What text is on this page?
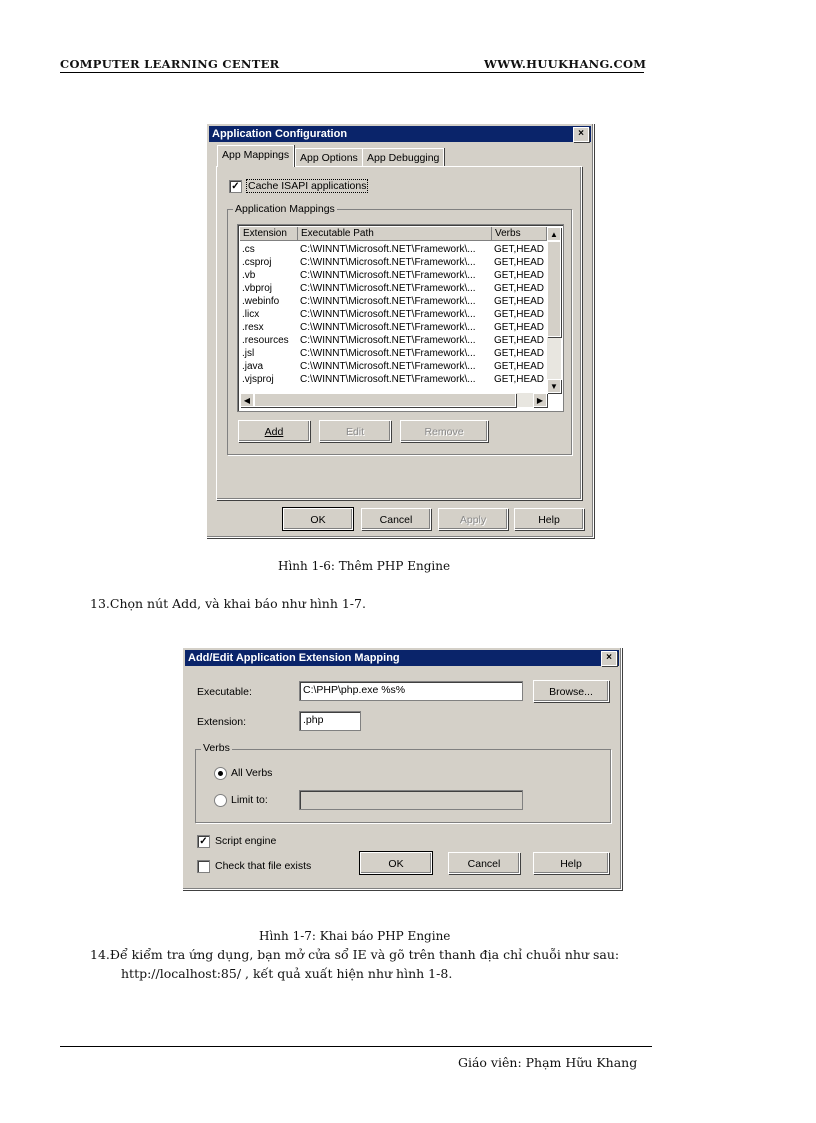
COMPUTER LEARNING CENTER	WWW.HUUKHANG.COM
Application Configuration	×
App Mappings	App Options App Debugging
✓ Cache ISAPI applications
Application Mappings
Extension	Executable Path	Verbs
.cs	C:\WINNT\Microsoft.NET\Framework\...	GET,HEAD
.csproj	C:\WINNT\Microsoft.NET\Framework\...	GET,HEAD
.vb	C:\WINNT\Microsoft.NET\Framework\...	GET,HEAD
.vbproj	C:\WINNT\Microsoft.NET\Framework\...	GET,HEAD
.webinfo	C:\WINNT\Microsoft.NET\Framework\...	GET,HEAD
.licx	C:\WINNT\Microsoft.NET\Framework\...	GET,HEAD
.resx	C:\WINNT\Microsoft.NET\Framework\...	GET,HEAD
.resources	C:\WINNT\Microsoft.NET\Framework\...	GET,HEAD
.jsl	C:\WINNT\Microsoft.NET\Framework\...	GET,HEAD
.java	C:\WINNT\Microsoft.NET\Framework\...	GET,HEAD
.vjsproj	C:\WINNT\Microsoft.NET\Framework\...	GET,HEAD
▲
▼
◀	▶
Add	Edit	Remove
OK	Cancel	Apply	Help
Hình 1-6: Thêm PHP Engine
13.Chọn nút Add, và khai báo như hình 1-7.
Add/Edit Application Extension Mapping	×
Executable:	C:\PHP\php.exe %s%	Browse...
Extension:	.php
Verbs
All Verbs
Limit to:
✓ Script engine
Check that file exists	OK	Cancel	Help
Hình 1-7: Khai báo PHP Engine
14.Để kiểm tra ứng dụng, bạn mở cửa sổ IE và gõ trên thanh địa chỉ chuỗi như sau:
http://localhost:85/ , kết quả xuất hiện như hình 1-8.
Giáo viên: Phạm Hữu Khang
